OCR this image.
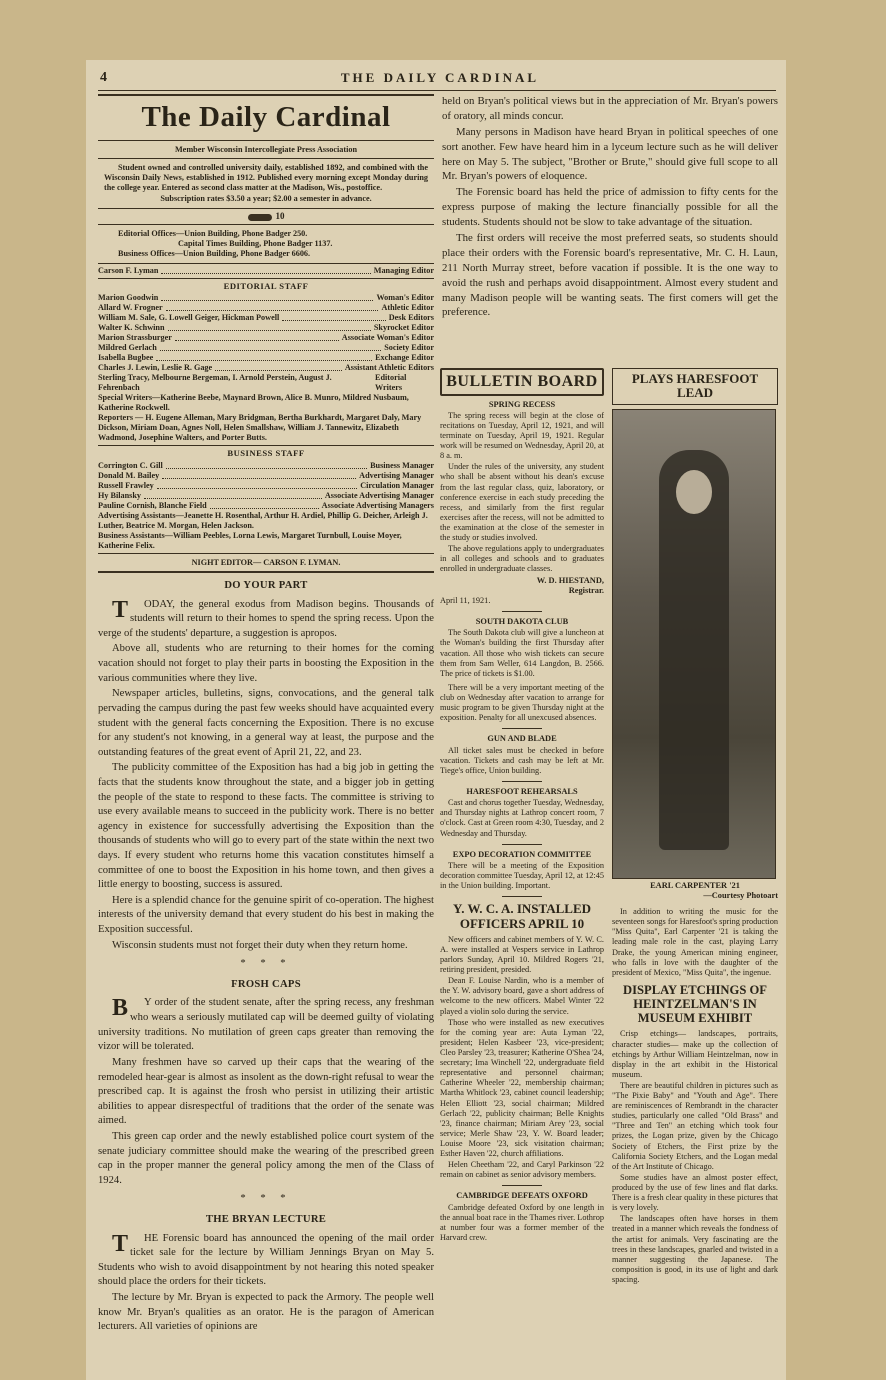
4	THE DAILY CARDINAL
The Daily Cardinal
Member Wisconsin Intercollegiate Press Association
Student owned and controlled university daily, established 1892, and combined with the Wisconsin Daily News, established in 1912. Published every morning except Monday during the college year. Entered as second class matter at the Madison, Wis., postoffice.
Subscription rates $3.50 a year; $2.00 a semester in advance.
10
Editorial Offices—Union Building, Phone Badger 250.
Capital Times Building, Phone Badger 1137.
Business Offices—Union Building, Phone Badger 6606.
Carson F. Lyman	Managing Editor
EDITORIAL STAFF
Marion Goodwin	Woman's Editor
Allard W. Frogner	Athletic Editor
William M. Sale, G. Lowell Geiger, Hickman Powell	Desk Editors
Walter K. Schwinn	Skyrocket Editor
Marion Strassburger	Associate Woman's Editor
Mildred Gerlach	Society Editor
Isabella Bugbee	Exchange Editor
Charles J. Lewin, Leslie R. Gage	Assistant Athletic Editors
Sterling Tracy, Melbourne Bergeman, I. Arnold Perstein, August J. Fehrenbach
Editorial Writers
Special Writers—Katherine Beebe, Maynard Brown, Alice B. Munro, Mildred Nusbaum, Katherine Rockwell.
Reporters — H. Eugene Alleman, Mary Bridgman, Bertha Burkhardt, Margaret Daly, Mary Dickson, Miriam Doan, Agnes Noll, Helen Smallshaw, William J. Tannewitz, Elizabeth Wadmond, Josephine Walters, and Porter Butts.
BUSINESS STAFF
Corrington C. Gill	Business Manager
Donald M. Bailey	Advertising Manager
Russell Frawley	Circulation Manager
Hy Bilansky	Associate Advertising Manager
Pauline Cornish, Blanche Field	Associate Advertising Managers
Advertising Assistants—Jeanette H. Rosenthal, Arthur H. Ardiel, Phillip G. Deicher, Arleigh J. Luther, Beatrice M. Morgan, Helen Jackson.
Business Assistants—William Peebles, Lorna Lewis, Margaret Turnbull, Louise Moyer, Katherine Felix.
NIGHT EDITOR— CARSON F. LYMAN.
DO YOUR PART
TODAY, the general exodus from Madison begins. Thousands of students will return to their homes to spend the spring recess. Upon the verge of the students' departure, a suggestion is apropos.
Above all, students who are returning to their homes for the coming vacation should not forget to play their parts in boosting the Exposition in the various communities where they live.
Newspaper articles, bulletins, signs, convocations, and the general talk pervading the campus during the past few weeks should have acquainted every student with the general facts concerning the Exposition. There is no excuse for any student's not knowing, in a general way at least, the purpose and the outstanding features of the great event of April 21, 22, and 23.
The publicity committee of the Exposition has had a big job in getting the facts that the students know throughout the state, and a bigger job in getting the people of the state to respond to these facts. The committee is striving to use every available means to succeed in the publicity work. There is no better agency in existence for successfully advertising the Exposition than the thousands of students who will go to every part of the state within the next two days. If every student who returns home this vacation constitutes himself a committee of one to boost the Exposition in his home town, and then gives a little energy to boosting, success is assured.
Here is a splendid chance for the genuine spirit of co-operation. The highest interests of the university demand that every student do his best in making the Exposition successful.
Wisconsin students must not forget their duty when they return home.
* * *
FROSH CAPS
BY order of the student senate, after the spring recess, any freshman who wears a seriously mutilated cap will be deemed guilty of violating university traditions. No mutilation of green caps greater than removing the vizor will be tolerated.
Many freshmen have so carved up their caps that the wearing of the remodeled hear-gear is almost as insolent as the down-right refusal to wear the prescribed cap. It is against the frosh who persist in utilizing their artistic abilities to appear disrespectful of traditions that the order of the senate was aimed.
This green cap order and the newly established police court system of the senate judiciary committee should make the wearing of the prescribed green cap in the proper manner the general policy among the men of the Class of 1924.
* * *
THE BRYAN LECTURE
THE Forensic board has announced the opening of the mail order ticket sale for the lecture by William Jennings Bryan on May 5. Students who wish to avoid disappointment by not hearing this noted speaker should place the orders for their tickets.
The lecture by Mr. Bryan is expected to pack the Armory. The people well know Mr. Bryan's qualities as an orator. He is the paragon of American lecturers. All varieties of opinions are
held on Bryan's political views but in the appreciation of Mr. Bryan's powers of oratory, all minds concur.
Many persons in Madison have heard Bryan in political speeches of one sort another. Few have heard him in a lyceum lecture such as he will deliver here on May 5. The subject, "Brother or Brute," should give full scope to all Mr. Bryan's powers of eloquence.
The Forensic board has held the price of admission to fifty cents for the express purpose of making the lecture financially possible for all the students. Students should not be slow to take advantage of the situation.
The first orders will receive the most preferred seats, so students should place their orders with the Forensic board's representative, Mr. C. H. Laun, 211 North Murray street, before vacation if possible. It is the one way to avoid the rush and perhaps avoid disappointment. Almost every student and many Madison people will be wanting seats. The first comers will get the preference.
BULLETIN BOARD
SPRING RECESS
The spring recess will begin at the close of recitations on Tuesday, April 12, 1921, and will terminate on Tuesday, April 19, 1921. Regular work will be resumed on Wednesday, April 20, at 8 a. m.
Under the rules of the university, any student who shall be absent without his dean's excuse from the last regular class, quiz, laboratory, or conference exercise in each study preceding the recess, and similarly from the first regular exercises after the recess, will not be admitted to the examination at the close of the semester in the study or studies involved.
The above regulations apply to undergraduates in all colleges and schools and to graduates enrolled in undergraduate classes.
W. D. HIESTAND,
Registrar.
April 11, 1921.
SOUTH DAKOTA CLUB
The South Dakota club will give a luncheon at the Woman's building the first Thursday after vacation. All those who wish tickets can secure them from Sam Weller, 614 Langdon, B. 2566. The price of tickets is $1.00.
There will be a very important meeting of the club on Wednesday after vacation to arrange for music program to be given Thursday night at the exposition. Penalty for all unexcused absences.
GUN AND BLADE
All ticket sales must be checked in before vacation. Tickets and cash may be left at Mr. Tiege's office, Union building.
HARESFOOT REHEARSALS
Cast and chorus together Tuesday, Wednesday, and Thursday nights at Lathrop concert room, 7 o'clock. Cast at Green room 4:30, Tuesday, and 2 Wednesday and Thursday.
EXPO DECORATION COMMITTEE
There will be a meeting of the Exposition decoration committee Tuesday, April 12, at 12:45 in the Union building. Important.
Y. W. C. A. INSTALLED OFFICERS APRIL 10
New officers and cabinet members of Y. W. C. A. were installed at Vespers service in Lathrop parlors Sunday, April 10. Mildred Rogers '21, retiring president, presided.
Dean F. Louise Nardin, who is a member of the Y. W. advisory board, gave a short address of welcome to the new officers. Mabel Winter '22 played a violin solo during the service.
Those who were installed as new executives for the coming year are: Auta Lyman '22, president; Helen Kasbeer '23, vice-president; Cleo Parsley '23, treasurer; Katherine O'Shea '24, secretary; Ima Winchell '22, undergraduate field representative and personnel chairman; Catherine Wheeler '22, membership chairman; Martha Whitlock '23, cabinet council leadership; Helen Elliott '23, social chairman; Mildred Gerlach '22, publicity chairman; Belle Knights '23, finance chairman; Miriam Arey '23, social service; Merle Shaw '23, Y. W. Board leader; Louise Moore '23, sick visitation chairman; Esther Haven '22, church affiliations.
Helen Cheetham '22, and Caryl Parkinson '22 remain on cabinet as senior advisory members.
CAMBRIDGE DEFEATS OXFORD
Cambridge defeated Oxford by one length in the annual boat race in the Thames river. Lothrop at number four was a former member of the Harvard crew.
PLAYS HARESFOOT LEAD
EARL CARPENTER '21
—Courtesy Photoart
In addition to writing the music for the seventeen songs for Haresfoot's spring production "Miss Quita", Earl Carpenter '21 is taking the leading male role in the cast, playing Larry Drake, the young American mining engineer, who falls in love with the daughter of the president of Mexico, "Miss Quita", the ingenue.
DISPLAY ETCHINGS OF HEINTZELMAN'S IN MUSEUM EXHIBIT
Crisp etchings— landscapes, portraits, character studies— make up the collection of etchings by Arthur William Heintzelman, now in display in the art exhibit in the Historical museum.
There are beautiful children in pictures such as "The Pixie Baby" and "Youth and Age". There are reminiscences of Rembrandt in the character studies, particularly one called "Old Brass" and "Three and Ten" an etching which took four prizes, the Logan prize, given by the Chicago Society of Etchers, the First prize by the California Society Etchers, and the Logan medal of the Art Institute of Chicago.
Some studies have an almost poster effect, produced by the use of few lines and flat darks. There is a fresh clear quality in these pictures that is very lovely.
The landscapes often have horses in them treated in a manner which reveals the fondness of the artist for animals. Very fascinating are the trees in these landscapes, gnarled and twisted in a manner suggesting the Japanese. The composition is good, in its use of light and dark spacing.
